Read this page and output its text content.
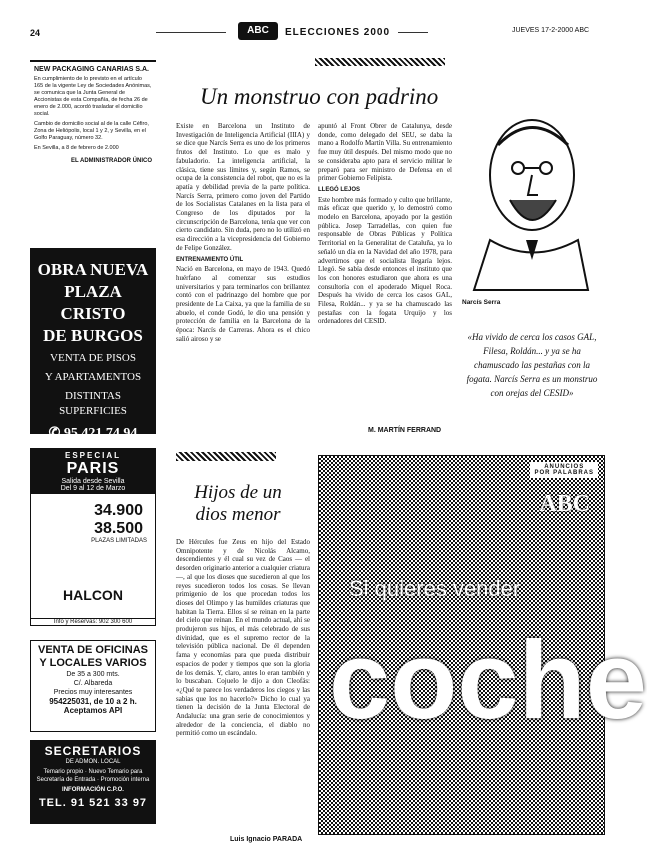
24	ABC	ELECCIONES 2000	JUEVES 17-2-2000 ABC
NEW PACKAGING CANARIAS S.A.

En cumplimiento de lo previsto en el artículo 165 de la vigente Ley de Sociedades Anónimas, se comunica que la Junta General de Accionistas de esta Compañía, de fecha 26 de enero de 2.000, acordó trasladar el domicilio social.

Cambio de domicilio social al de la calle Céfiro, Zona de Heliópolis, local 1 y 2, y Sevilla, en el Golfo Paraguay, número 32.

En Sevilla, a 8 de febrero de 2.000

EL ADMINISTRADOR ÚNICO
OBRA NUEVA
PLAZA CRISTO
DE BURGOS
VENTA DE PISOS
Y APARTAMENTOS
DISTINTAS SUPERFICIES
✆ 95 421 74 94
ESPECIAL
PARIS
Salida desde Sevilla
Del 9 al 12 de Marzo
34.900
38.500
PLAZAS LIMITADAS
HALCON
Info y Reservas: 902 300 600
VENTA DE OFICINAS
Y LOCALES VARIOS
De 35 a 300 mts.
C/. Albareda
Precios muy interesantes
954225031, de 10 a 2 h.
Aceptamos API
SECRETARIOS
DE ADMON. LOCAL
Temario propio · Nuevo Temario para Secretaría de Entrada · Promoción interna
INFORMACIÓN C.P.O.
TEL. 91 521 33 97
Un monstruo con padrino
Existe en Barcelona un Instituto de Investigación de Inteligencia Artificial (IIIA) y se dice que Narcís Serra es uno de los primeros frutos del Instituto. Lo que es malo y fabuladorio. La inteligencia artificial, la clásica, tiene sus límites y, según Ramos, se ocupa de la consistencia del robot, que no es la apatía y debilidad previa de la parte política. Narcís Serra, primero como joven del Partido de los Socialistas Catalanes en la lista para el Congreso de los diputados por la circunscripción de Barcelona, tenía que ver con cierto candidato. Sin duda, pero no lo utilizó en esa dirección a la vicepresidencia del Gobierno de Felipe González.
ENTRENAMIENTO ÚTIL
Nació en Barcelona, en mayo de 1943. Quedó huérfano al comenzar sus estudios universitarios y para terminarlos con brillantez contó con el padrinazgo del hombre que por presidente de La Caixa, ya que la familia de su abuelo, el conde Godó, le dio una pensión y protección de familia en la Barcelona de la época: Narcís de Carreras. Ahora es el chico salió airoso y se
apuntó al Front Obrer de Catalunya, desde donde, como delegado del SEU, se daba la mano a Rodolfo Martín Villa. Su entrenamiento fue muy útil después. Del mismo modo que no se consideraba apto para el servicio militar le preparó para ser ministro de Defensa en el primer Gobierno Felipista.
LLEGÓ LEJOS
Este hombre más formado y culto que brillante, más eficaz que querido y, lo demostró como modelo en Barcelona, apoyado por la gestión pública. Josep Tarradellas, con quien fue responsable de Obras Públicas y Política Territorial en la Generalitat de Cataluña, ya lo señaló un día en la Navidad del año 1978, para advertirnos que el socialista llegaría lejos. Llegó. Se sabía desde entonces el instituto que los con honores estudiaron que ahora es una consultoría con el apoderado Miquel Roca. Después ha vivido de cerca los casos GAL, Filesa, Roldán... y ya se ha chamuscado las pestañas con la fogata Urquijo y los ordenadores del CESID.
M. MARTÍN FERRAND
Narcís Serra
«Ha vivido de cerca los casos GAL, Filesa, Roldán... y ya se ha chamuscado las pestañas con la fogata. Narcís Serra es un monstruo con orejas del CESID»
Hijos de un dios menor
De Hércules fue Zeus en hijo del Estado Omnipotente y de Nicolás Alcamo, descendientes y él cual su vez de Caos — el desorden originario anterior a cualquier criatura —, al que los dioses que sucedieron al que los reyes sucedieron todos los cosas. Se llevan primigenio de los que procedan todos los dioses del Olimpo y las humildes criaturas que habitan la Tierra. Ellos sí se reinan en la parte del cielo que reinan. En el mundo actual, ahí se produjeron sus hijos, el más celebrado de sus divinidad, que es el supremo rector de la televisión pública nacional. De él dependen fama y economías para que pueda distribuir espacios de poder y tiempos que son la gloria de los demás. Y, claro, antes lo eran también y lo buscaban. Cojuelo le dijo a don Cleofás: «¿Qué te parece los verdaderos los ciegos y las sabias que los no hacerlo?» Dicho lo cual ya tienen la decisión de la Junta Electoral de Andalucía: una gran serie de conocimientos y alrededor de la conciencia, el diablo no permitió como un escándalo.
Luis Ignacio PARADA
ANUNCIOS
POR PALABRAS
ABC
Si quieres vender
coche
